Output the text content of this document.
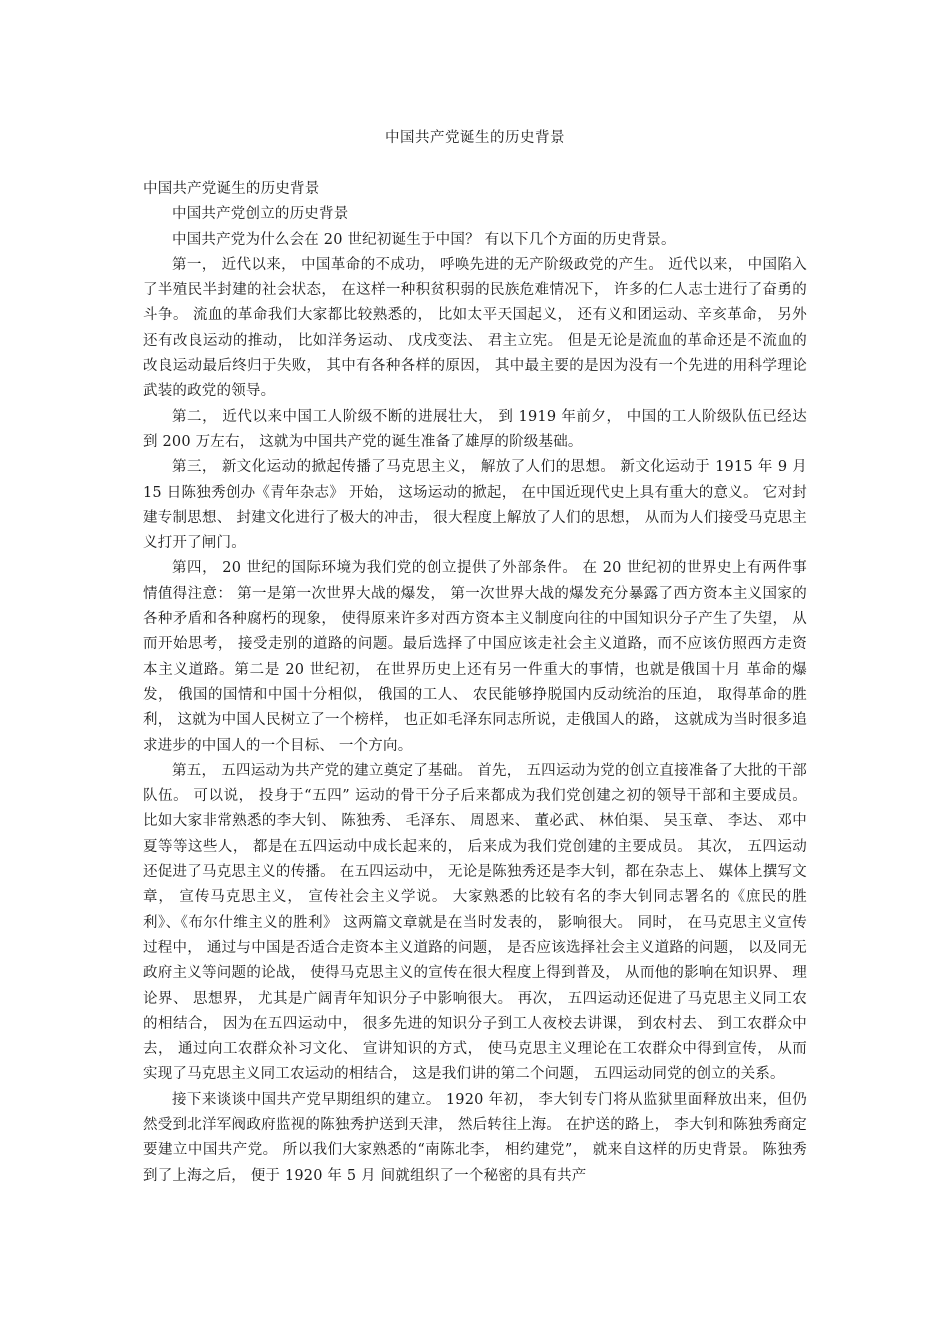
中国共产党诞生的历史背景

中国共产党诞生的历史背景

中国共产党创立的历史背景

中国共产党为什么会在 20 世纪初诞生于中国？ 有以下几个方面的历史背景。

第一， 近代以来， 中国革命的不成功， 呼唤先进的无产阶级政党的产生。 近代以来， 中国陷入了半殖民半封建的社会状态， 在这样一种积贫积弱的民族危难情况下， 许多的仁人志士进行了奋勇的斗争。 流血的革命我们大家都比较熟悉的， 比如太平天国起义， 还有义和团运动、辛亥革命， 另外还有改良运动的推动， 比如洋务运动、 戊戌变法、 君主立宪。 但是无论是流血的革命还是不流血的改良运动最后终归于失败， 其中有各种各样的原因， 其中最主要的是因为没有一个先进的用科学理论武装的政党的领导。

第二， 近代以来中国工人阶级不断的进展壮大， 到 1919 年前夕， 中国的工人阶级队伍已经达到 200 万左右， 这就为中国共产党的诞生准备了雄厚的阶级基础。

第三， 新文化运动的掀起传播了马克思主义， 解放了人们的思想。 新文化运动于 1915 年 9 月 15 日陈独秀创办《青年杂志》 开始， 这场运动的掀起， 在中国近现代史上具有重大的意义。 它对封建专制思想、 封建文化进行了极大的冲击， 很大程度上解放了人们的思想， 从而为人们接受马克思主义打开了闸门。

第四， 20 世纪的国际环境为我们党的创立提供了外部条件。 在 20 世纪初的世界史上有两件事情值得注意： 第一是第一次世界大战的爆发， 第一次世界大战的爆发充分暴露了西方资本主义国家的各种矛盾和各种腐朽的现象， 使得原来许多对西方资本主义制度向往的中国知识分子产生了失望， 从而开始思考， 接受走别的道路的问题。最后选择了中国应该走社会主义道路，而不应该仿照西方走资本主义道路。第二是 20 世纪初， 在世界历史上还有另一件重大的事情，也就是俄国十月 革命的爆发， 俄国的国情和中国十分相似， 俄国的工人、 农民能够挣脱国内反动统治的压迫， 取得革命的胜利， 这就为中国人民树立了一个榜样， 也正如毛泽东同志所说，走俄国人的路， 这就成为当时很多追求进步的中国人的一个目标、 一个方向。

第五， 五四运动为共产党的建立奠定了基础。 首先， 五四运动为党的创立直接准备了大批的干部队伍。 可以说， 投身于“五四” 运动的骨干分子后来都成为我们党创建之初的领导干部和主要成员。 比如大家非常熟悉的李大钊、 陈独秀、 毛泽东、 周恩来、 董必武、 林伯渠、 吴玉章、 李达、 邓中夏等等这些人， 都是在五四运动中成长起来的， 后来成为我们党创建的主要成员。 其次， 五四运动还促进了马克思主义的传播。 在五四运动中， 无论是陈独秀还是李大钊，都在杂志上、 媒体上撰写文章， 宣传马克思主义， 宣传社会主义学说。 大家熟悉的比较有名的李大钊同志署名的《庶民的胜利》、《布尔什维主义的胜利》 这两篇文章就是在当时发表的， 影响很大。 同时， 在马克思主义宣传过程中， 通过与中国是否适合走资本主义道路的问题， 是否应该选择社会主义道路的问题， 以及同无政府主义等问题的论战， 使得马克思主义的宣传在很大程度上得到普及， 从而他的影响在知识界、 理论界、 思想界， 尤其是广阔青年知识分子中影响很大。 再次， 五四运动还促进了马克思主义同工农的相结合， 因为在五四运动中， 很多先进的知识分子到工人夜校去讲课， 到农村去、 到工农群众中去， 通过向工农群众补习文化、 宣讲知识的方式， 使马克思主义理论在工农群众中得到宣传， 从而实现了马克思主义同工农运动的相结合， 这是我们讲的第二个问题， 五四运动同党的创立的关系。

接下来谈谈中国共产党早期组织的建立。 1920 年初， 李大钊专门将从监狱里面释放出来，但仍然受到北洋军阀政府监视的陈独秀护送到天津， 然后转往上海。 在护送的路上， 李大钊和陈独秀商定要建立中国共产党。 所以我们大家熟悉的“南陈北李， 相约建党”， 就来自这样的历史背景。 陈独秀到了上海之后， 便于 1920 年 5 月 间就组织了一个秘密的具有共产
